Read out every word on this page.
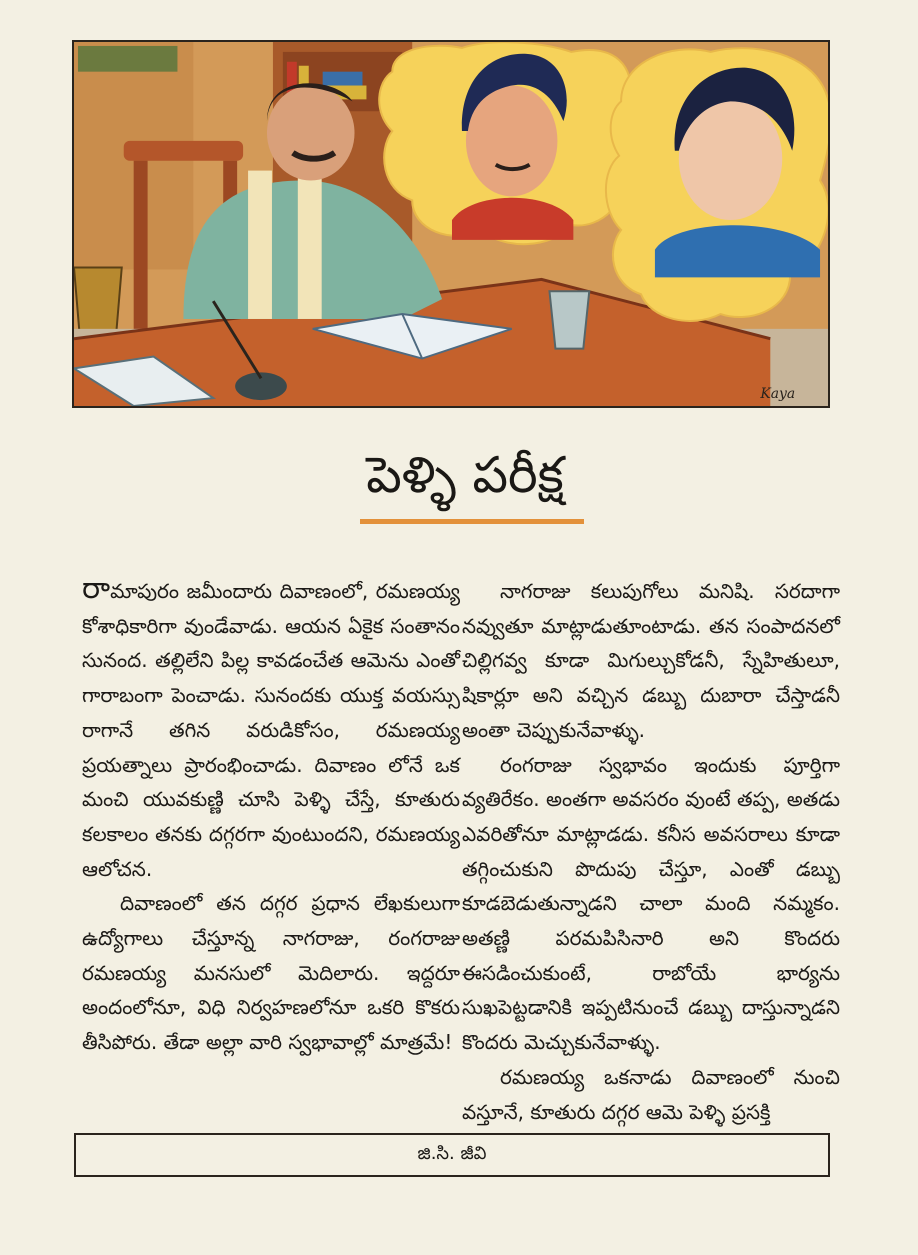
Kaya
పెళ్ళి పరీక్ష

రామాపురం జమీందారు దివాణంలో, రమణయ్య కోశాధికారిగా వుండేవాడు. ఆయన ఏకైక సంతానం సునంద. తల్లిలేని పిల్ల కావడంచేత ఆమెను ఎంతో గారాబంగా పెంచాడు. సునందకు యుక్త వయస్సు రాగానే తగిన వరుడికోసం, రమణయ్య ప్రయత్నాలు ప్రారంభించాడు. దివాణం లోనే ఒక మంచి యువకుణ్ణి చూసి పెళ్ళి చేస్తే, కూతురు కలకాలం తనకు దగ్గరగా వుంటుందని, రమణయ్య ఆలోచన.

దివాణంలో తన దగ్గర ప్రధాన లేఖకులుగా ఉద్యోగాలు చేస్తూన్న నాగరాజు, రంగరాజు రమణయ్య మనసులో మెదిలారు. ఇద్దరూ అందంలోనూ, విధి నిర్వహణలోనూ ఒకరి కొకరు తీసిపోరు. తేడా అల్లా వారి స్వభావాల్లో మాత్రమే!

నాగరాజు కలుపుగోలు మనిషి. సరదాగా నవ్వుతూ మాట్లాడుతూంటాడు. తన సంపాదనలో చిల్లిగవ్వ కూడా మిగుల్చుకోడనీ, స్నేహితులూ, షికార్లూ అని వచ్చిన డబ్బు దుబారా చేస్తాడనీ అంతా చెప్పుకునేవాళ్ళు.

రంగరాజు స్వభావం ఇందుకు పూర్తిగా వ్యతిరేకం. అంతగా అవసరం వుంటే తప్ప, అతడు ఎవరితోనూ మాట్లాడడు. కనీస అవసరాలు కూడా తగ్గించుకుని పొదుపు చేస్తూ, ఎంతో డబ్బు కూడబెడుతున్నాడని చాలా మంది నమ్మకం. అతణ్ణి పరమపిసినారి అని కొందరు ఈసడించుకుంటే, రాబోయే భార్యను సుఖపెట్టడానికి ఇప్పటినుంచే డబ్బు దాస్తున్నాడని కొందరు మెచ్చుకునేవాళ్ళు.

రమణయ్య ఒకనాడు దివాణంలో నుంచి వస్తూనే, కూతురు దగ్గర ఆమె పెళ్ళి ప్రసక్తి

జి.సి. జీవి
